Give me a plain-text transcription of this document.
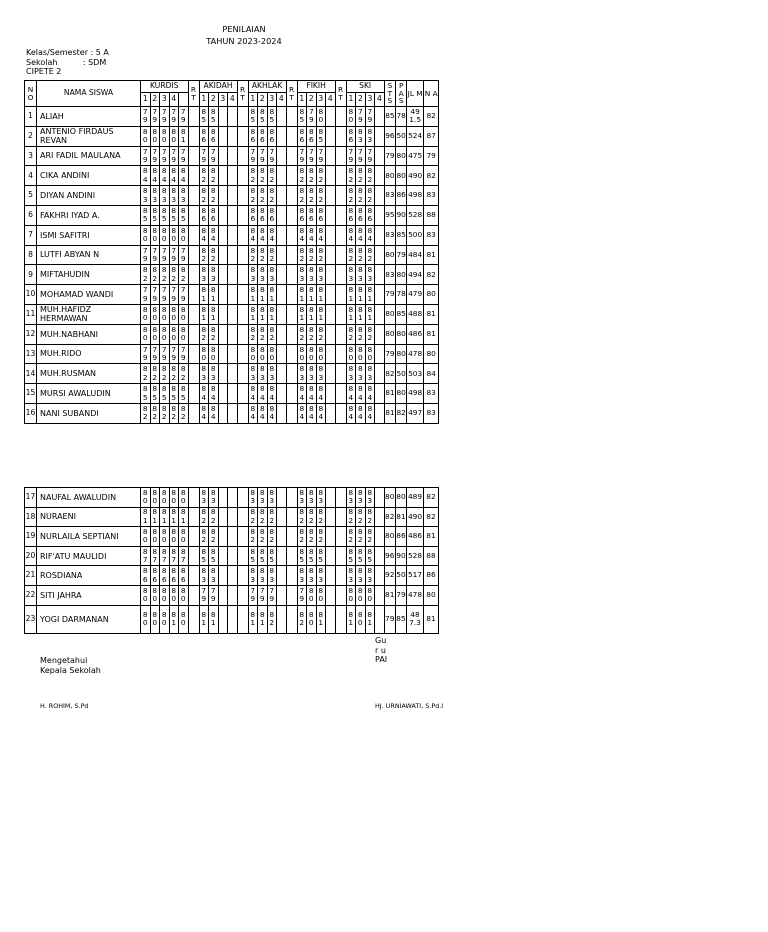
PENILAIAN
TAHUN 2023-2024
Kelas/Semester : 5 A
Sekolah          : SDM
CIPETE 2
N O	NAMA SISWA	KURDIS					R T	AKIDAH				R T	AKHLAK				R T	FIKIH				R T	SKI				S T S	P A S	JL M	N A
		1	2	3	4			1	2	3	4		1	2	3	4		1	2	3	4		1	2	3	4				
1	ALIAH	79	79	79	79	79		85	85				85	85	85			85	79	80			80	79	79		85	78	491.5	82
2	ANTENIO FIRDAUS REVAN	80	80	80	80	81		86	86				86	86	86			86	86	85			86	83	83		96	50	524	87
3	ARI FADIL MAULANA	79	79	79	79	79		79	79				79	79	79			79	79	79			79	79	79		79	80	475	79
4	CIKA ANDINI	84	84	84	84	84		82	82				82	82	82			82	82	82			82	82	82		80	80	490	82
5	DIYAN ANDINI	83	83	83	83	83		82	82				82	82	82			82	82	82			82	82	82		83	86	498	83
6	FAKHRI IYAD A.	85	85	85	85	85		86	86				86	86	86			86	86	86			86	86	86		95	90	528	88
7	ISMI SAFITRI	80	80	80	80	80		84	84				84	84	84			84	84	84			84	84	84		83	85	500	83
8	LUTFI ABYAN N	79	79	79	79	79		82	82				82	82	82			82	82	82			82	82	82		80	79	484	81
9	MIFTAHUDIN	82	82	82	82	82		83	83				83	83	83			83	83	83			83	83	83		83	80	494	82
10	MOHAMAD WANDI	79	79	79	79	79		81	81				81	81	81			81	81	81			81	81	81		79	78	479	80
11	MUH.HAFIDZ HERMAWAN	80	80	80	80	80		81	81				81	81	81			81	81	81			81	81	81		80	85	488	81
12	MUH.NABHANI	80	80	80	80	80		82	82				82	82	82			82	82	82			82	82	82		80	80	486	81
13	MUH.RIDO	79	79	79	79	79		80	80				80	80	80			80	80	80			80	80	80		79	80	478	80
14	MUH.RUSMAN	82	82	82	82	82		83	83				83	83	83			83	83	83			83	83	83		82	50	503	84
15	MURSI AWALUDIN	85	85	85	85	85		84	84				84	84	84			84	84	84			84	84	84		81	80	498	83
16	NANI SUBANDI	82	82	82	82	82		84	84				84	84	84			84	84	84			84	84	84		81	82	497	83
17	NAUFAL AWALUDIN	80	80	80	80	80		83	83				83	83	83			83	83	83			83	83	83		80	80	489	82
18	NURAENI	81	81	81	81	81		82	82				82	82	82			82	82	82			82	82	82		82	81	490	82
19	NURLAILA SEPTIANI	80	80	80	80	80		82	82				82	82	82			82	82	82			82	82	82		80	86	486	81
20	RIF'ATU MAULIDI	87	87	87	87	87		85	85				85	85	85			85	85	85			85	85	85		96	90	528	88
21	ROSDIANA	86	86	86	86	86		83	83				83	83	83			83	83	83			83	83	83		92	50	517	86
22	SITI JAHRA	80	80	80	80	80		79	79				79	79	79			79	80	80			80	80	80		81	79	478	80
23	YOGI DARMANAN	80	80	80	81	80		81	81				81	81	82			82	80	81			81	80	81		79	85	487.3	81
Mengetahui
Kepala Sekolah
H. ROHIM, S.Pd
Gur u
PAI
HJ. URNIAWATI, S.Pd.I
